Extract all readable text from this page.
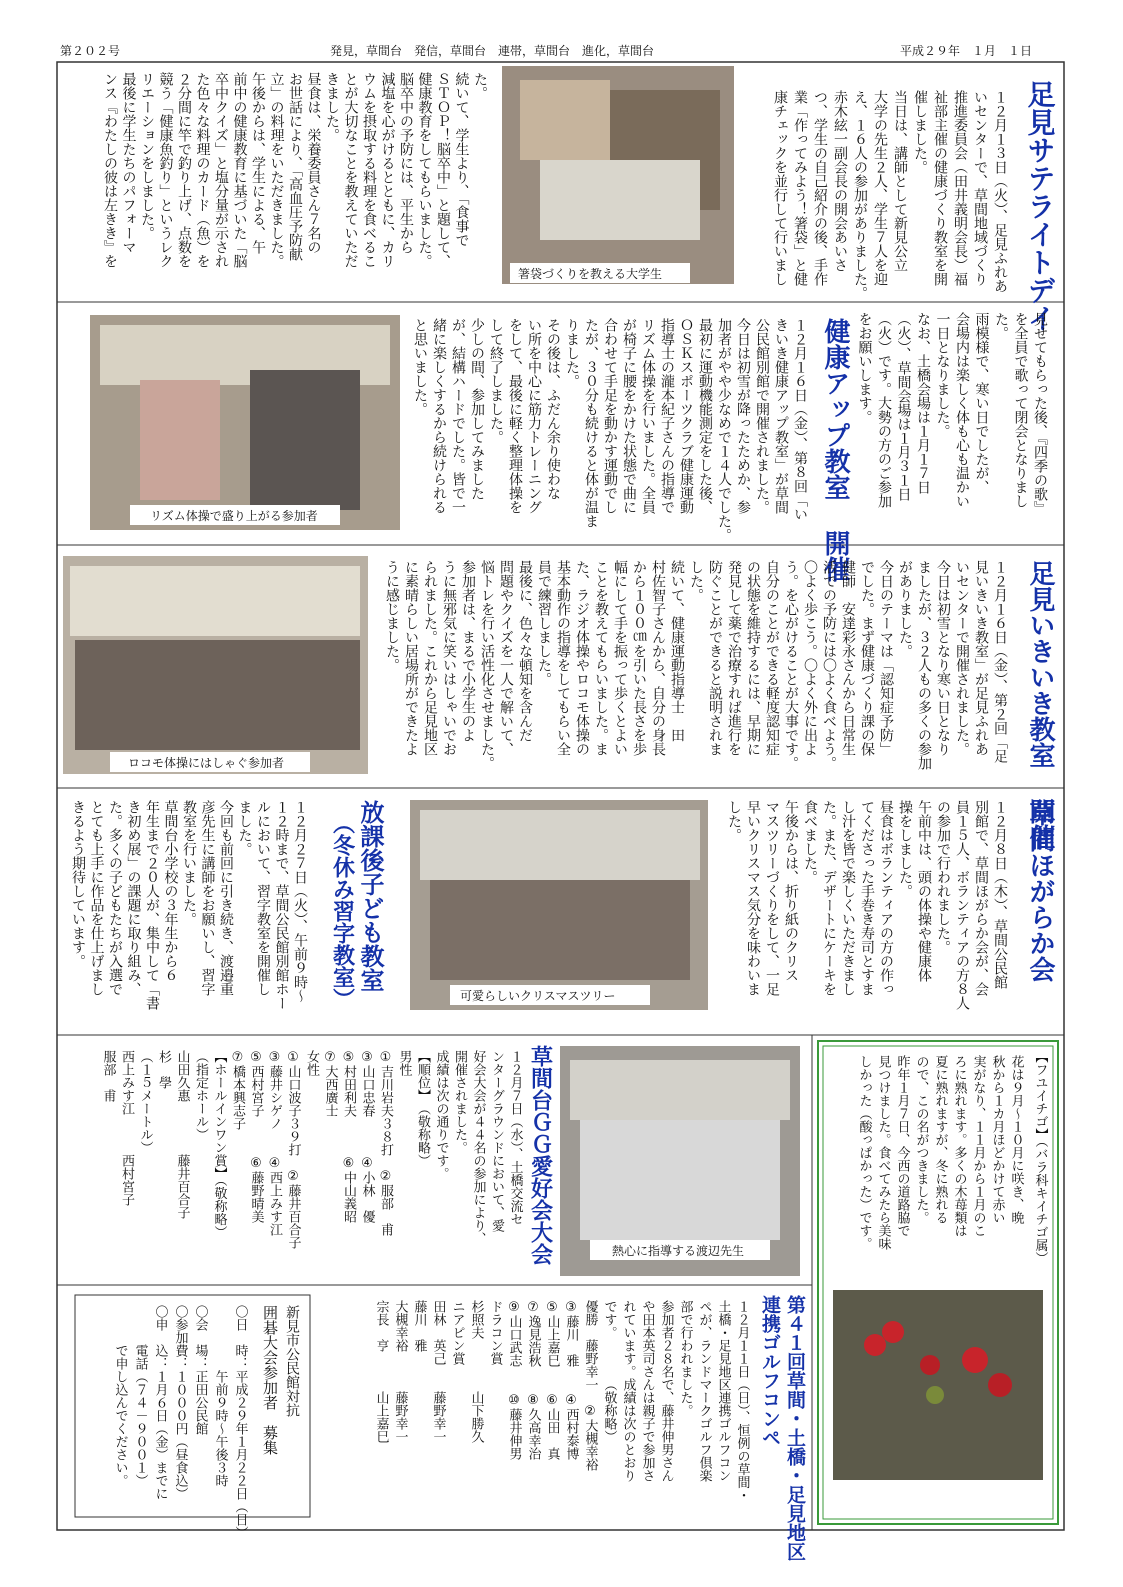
第２０２号	発見，草間台　発信，草間台　連帯，草間台　進化，草間台	平成２９年　１月　１日
箸袋づくりを教える大学生
リズム体操で盛り上がる参加者
ロコモ体操にはしゃぐ参加者
可愛らしいクリスマスツリー
熱心に指導する渡辺先生
足見サテライトデイ
１２月１３日（火）、足見ふれあ
いセンターで、草間地域づくり
推進委員会（田井義明会長）福
祉部主催の健康づくり教室を開
催しました。
当日は、講師として新見公立
大学の先生２人、学生７人を迎
え、１６人の参加がありました。
赤木絃一副会長の開会あいさ
つ、学生の自己紹介の後、手作
業「作ってみよう！箸袋」と健
康チェックを並行して行いまし
た。
続いて、学生より、「食事で
ＳＴＯＰ！脳卒中」と題して、
健康教育をしてもらいました。
脳卒中の予防には、平生から
減塩を心がけるとともに、カリ
ウムを摂取する料理を食べるこ
とが大切なことを教えていただ
きました。
昼食は、栄養委員さん７名の
お世話により、「高血圧予防献
立」の料理をいただきました。
午後からは、学生による、午
前中の健康教育に基づいた「脳
卒中クイズ」と塩分量が示され
た色々な料理のカード（魚）を
２分間に竿で釣り上げ、点数を
競う「健康魚釣り」というレク
リエーションをしました。
最後に学生たちのパフォーマ
ンス『わたしの彼は左きき』を
見せてもらった後、『四季の歌』
を全員で歌って閉会となりまし
た。
雨模様で、寒い日でしたが、
会場内は楽しく体も心も温かい
一日となりました。
なお、土橋会場は１月１７日
（火）、草間会場は１月３１日
（火）です。大勢の方のご参加
をお願いします。
健康アップ教室 開催
１２月１６日（金）、第８回「い
きいき健康アップ教室」が草間
公民館別館で開催されました。
今日は初雪が降ったためか、参
加者がやや少なめで１４人でした。
最初に運動機能測定をした後、
ＯＳＫスポーツクラブ健康運動
指導士の瀧本紀子さんの指導で
リズム体操を行いました。全員
が椅子に腰をかけた状態で曲に
合わせて手足を動かす運動でし
たが、３０分も続けると体が温ま
りました。
その後は、ふだん余り使わな
い所を中心に筋力トレーニング
をして、最後に軽く整理体操を
して終了しました。
少しの間、参加してみました
が、結構ハードでした。皆で一
緒に楽しくするから続けられる
と思いました。
足見いきいき教室 開催
１２月１６日（金）、第２回「足
見いきいき教室」が足見ふれあ
いセンターで開催されました。
今日は初雪となり寒い日となり
ましたが、３２人もの多くの参加
がありました。
今日のテーマは「認知症予防」
でした。まず健康づくり課の保
健師　安達彩永さんから日常生
活での予防には〇よく食べよう。
〇よく歩こう。〇よく外に出よ
う。を心がけることが大事です。
自分のことができる軽度認知症
の状態を維持するには、早期に
発見して薬で治療すれば進行を
防ぐことができると説明されま
した。
続いて、健康運動指導士　田
村佐智子さんから、自分の身長
から１００㎝を引いた長さを歩
幅にして手を振って歩くとよい
ことを教えてもらいました。ま
た、ラジオ体操やロコモ体操の
基本動作の指導をしてもらい全
員で練習しました。
最後に、色々な頓知を含んだ
問題やクイズを一人で解いて、
悩トレを行い活性化させました。
参加者は、まるで小学生のよ
うに無邪気に笑いはしゃいでお
られました。これから足見地区
に素晴らしい居場所ができたよ
うに感じました。
草間ほがらか会
１２月８日（木）、草間公民館
別館で、草間ほがらか会が、会
員１５人、ボランティアの方８人
の参加で行われました。
午前中は、頭の体操や健康体
操をしました。
昼食はボランティアの方の作っ
てくださった手巻き寿司とすま
し汁を皆で楽しくいただきまし
た。また、デザートにケーキを
食べました。
午後からは、折り紙のクリス
マスツリーづくりをして、一足
早いクリスマス気分を味わいま
した。
放課後子ども教室
（冬休み習字教室）
１２月２７日（火）、午前９時～
１２時まで、草間公民館別館ホー
ルにおいて、習字教室を開催し
ました。
今回も前回に引き続き、渡邉重
彦先生に講師をお願いし、習字
教室を行いました。
草間台小学校の３年生から６
年生まで２０人が、集中して「書
き初め展」の課題に取り組み、
た。多くの子どもたちが入選で
とても上手に作品を仕上げまし
きるよう期待しています。
草間台ＧＧ愛好会大会
１２月７日（水）、土橋交流セ
ンターグラウンドにおいて、愛
好会大会が４４名の参加により、
開催されました。
成績は次の通りです。
【順位】　（敬称略）
男性
①吉川岩夫３８打　②服部　甫
③山口忠春　　　④小林　優
⑤村田利夫　　　⑥中山義昭
⑦大西廣士
女性
①山口波子３９打　②藤井百合子
③藤井シゲノ　　④西上みす江
⑤西村宮子　　　⑥藤野晴美
⑦橋本興志子
【ホールインワン賞】（敬称略）
（指定ホール）
山田久惠　　　　藤井百合子
杉　學
（１５メートル）
西上みす江　　　西村宮子
服部　甫
第４１回草間・土橋・足見地区
連携ゴルフコンペ
１２月１１日（日）、恒例の草間・
土橋・足見地区連携ゴルフコン
ペが、ランドマークゴルフ倶楽
部で行われました。
参加者２８名で、藤井伸男さん
や田本英司さんは親子で参加さ
れています。成績は次のとおり
です。　　　　（敬称略）
優勝　藤野幸一　②大槻幸裕
③藤川　雅　　④西村泰博
⑤山上嘉巳　　⑥山田　真
⑦逸見浩秋　　⑧久高幸治
⑨山口武志　　⑩藤井伸男
ドラコン賞
杉照夫　　　　山下勝久
ニアピン賞
田林　英己　　藤野幸一
藤川　雅
大槻幸裕　　　藤野幸一
宗長　亨　　　山上嘉巳
新見市公民館対抗
囲碁大会参加者　募集
〇日　時：平成２９年１月２２日（日）
　　　　　午前９時～午後３時
〇会　場：正田公民館
〇参加費：１０００円（昼食込）
〇申　込：１月６日（金）までに
　　　電話（７４－９００１）
　　　で申し込んでください。
【フユイチゴ】（バラ科キイチゴ属）
花は９月～１０月に咲き、晩
秋から１カ月ほどかけて赤い
実がなり、１１月から１月のこ
ろに熟れます。多くの木苺類は
夏に熟れますが、冬に熟れる
ので、この名がつきました。
昨年１月７日、今西の道路脇で
見つけました。食べてみたら美味
しかった（酸っぱかった）です。
